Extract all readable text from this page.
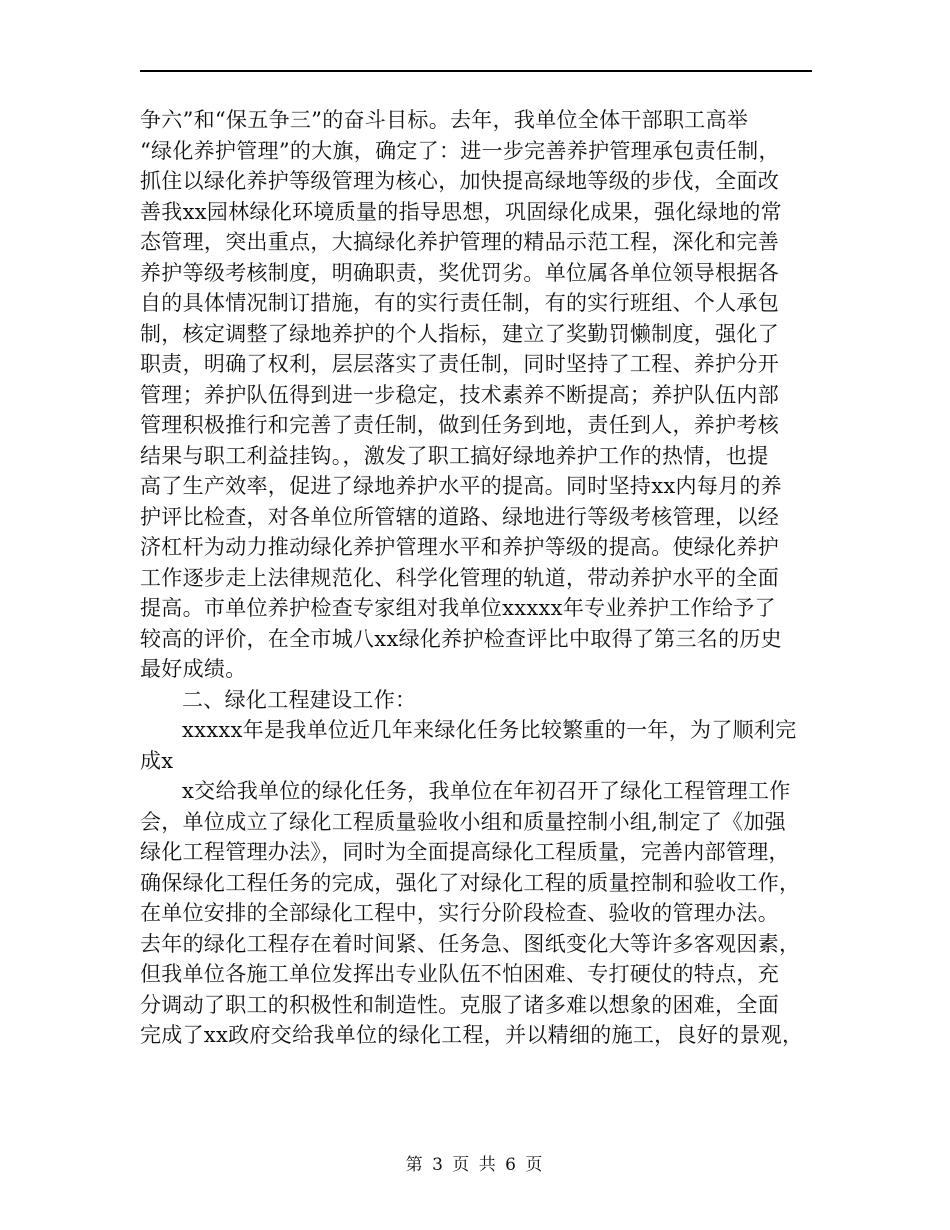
争六”和“保五争三”的奋斗目标。去年，我单位全体干部职工高举
“绿化养护管理”的大旗，确定了：进一步完善养护管理承包责任制，
抓住以绿化养护等级管理为核心，加快提高绿地等级的步伐，全面改
善我xx园林绿化环境质量的指导思想，巩固绿化成果，强化绿地的常
态管理，突出重点，大搞绿化养护管理的精品示范工程，深化和完善
养护等级考核制度，明确职责，奖优罚劣。单位属各单位领导根据各
自的具体情况制订措施，有的实行责任制，有的实行班组、个人承包
制，核定调整了绿地养护的个人指标，建立了奖勤罚懒制度，强化了
职责，明确了权利，层层落实了责任制，同时坚持了工程、养护分开
管理；养护队伍得到进一步稳定，技术素养不断提高；养护队伍内部
管理积极推行和完善了责任制，做到任务到地，责任到人，养护考核
结果与职工利益挂钩。，激发了职工搞好绿地养护工作的热情，也提
高了生产效率，促进了绿地养护水平的提高。同时坚持xx内每月的养
护评比检查，对各单位所管辖的道路、绿地进行等级考核管理，以经
济杠杆为动力推动绿化养护管理水平和养护等级的提高。使绿化养护
工作逐步走上法律规范化、科学化管理的轨道，带动养护水平的全面
提高。市单位养护检查专家组对我单位xxxxx年专业养护工作给予了
较高的评价，在全市城八xx绿化养护检查评比中取得了第三名的历史
最好成绩。
二、绿化工程建设工作：
xxxxx年是我单位近几年来绿化任务比较繁重的一年，为了顺利完
成x
x交给我单位的绿化任务，我单位在年初召开了绿化工程管理工作
会，单位成立了绿化工程质量验收小组和质量控制小组,制定了《加强
绿化工程管理办法》，同时为全面提高绿化工程质量，完善内部管理，
确保绿化工程任务的完成，强化了对绿化工程的质量控制和验收工作，
在单位安排的全部绿化工程中，实行分阶段检查、验收的管理办法。
去年的绿化工程存在着时间紧、任务急、图纸变化大等许多客观因素，
但我单位各施工单位发挥出专业队伍不怕困难、专打硬仗的特点，充
分调动了职工的积极性和制造性。克服了诸多难以想象的困难，全面
完成了xx政府交给我单位的绿化工程，并以精细的施工，良好的景观，
第 3 页 共 6 页
